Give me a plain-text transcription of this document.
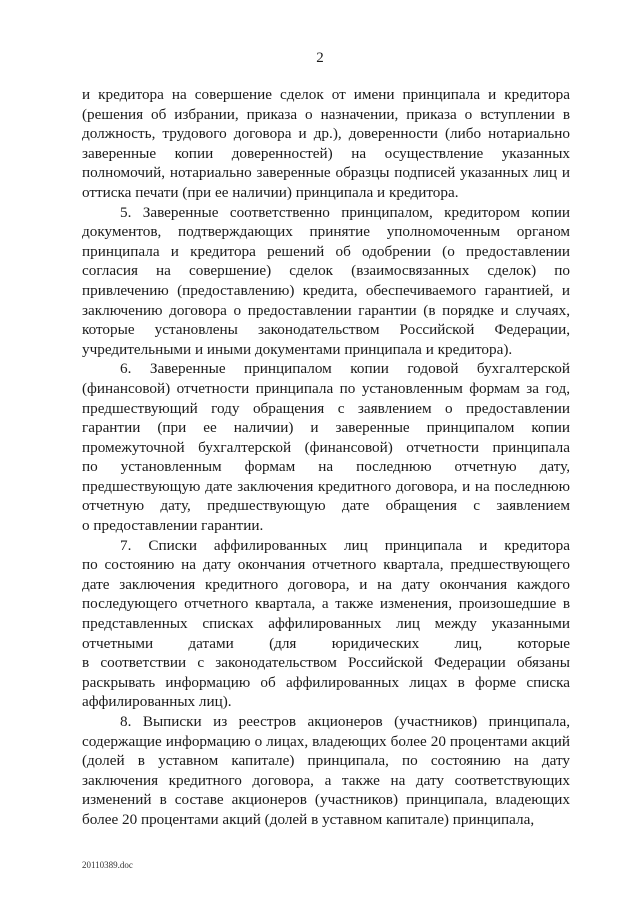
2
и кредитора на совершение сделок от имени принципала и кредитора
(решения об избрании, приказа о назначении, приказа о вступлении в
должность, трудового договора и др.), доверенности (либо нотариально
заверенные копии доверенностей) на осуществление указанных
полномочий, нотариально заверенные образцы подписей указанных лиц и
оттиска печати (при ее наличии) принципала и кредитора.
5. Заверенные соответственно принципалом, кредитором копии
документов, подтверждающих принятие уполномоченным органом
принципала и кредитора решений об одобрении (о предоставлении
согласия на совершение) сделок (взаимосвязанных сделок) по
привлечению (предоставлению) кредита, обеспечиваемого гарантией, и
заключению договора о предоставлении гарантии (в порядке и случаях,
которые установлены законодательством Российской Федерации,
учредительными и иными документами принципала и кредитора).
6. Заверенные принципалом копии годовой бухгалтерской
(финансовой) отчетности принципала по установленным формам за год,
предшествующий году обращения с заявлением о предоставлении
гарантии (при ее наличии) и заверенные принципалом копии
промежуточной бухгалтерской (финансовой) отчетности принципала
по установленным формам на последнюю отчетную дату,
предшествующую дате заключения кредитного договора, и на последнюю
отчетную дату, предшествующую дате обращения с заявлением
о предоставлении гарантии.
7. Списки аффилированных лиц принципала и кредитора
по состоянию на дату окончания отчетного квартала, предшествующего
дате заключения кредитного договора, и на дату окончания каждого
последующего отчетного квартала, а также изменения, произошедшие в
представленных списках аффилированных лиц между указанными
отчетными датами (для юридических лиц, которые
в соответствии с законодательством Российской Федерации обязаны
раскрывать информацию об аффилированных лицах в форме списка
аффилированных лиц).
8. Выписки из реестров акционеров (участников) принципала,
содержащие информацию о лицах, владеющих более 20 процентами акций
(долей в уставном капитале) принципала, по состоянию на дату
заключения кредитного договора, а также на дату соответствующих
изменений в составе акционеров (участников) принципала, владеющих
более 20 процентами акций (долей в уставном капитале) принципала,
20110389.doc
